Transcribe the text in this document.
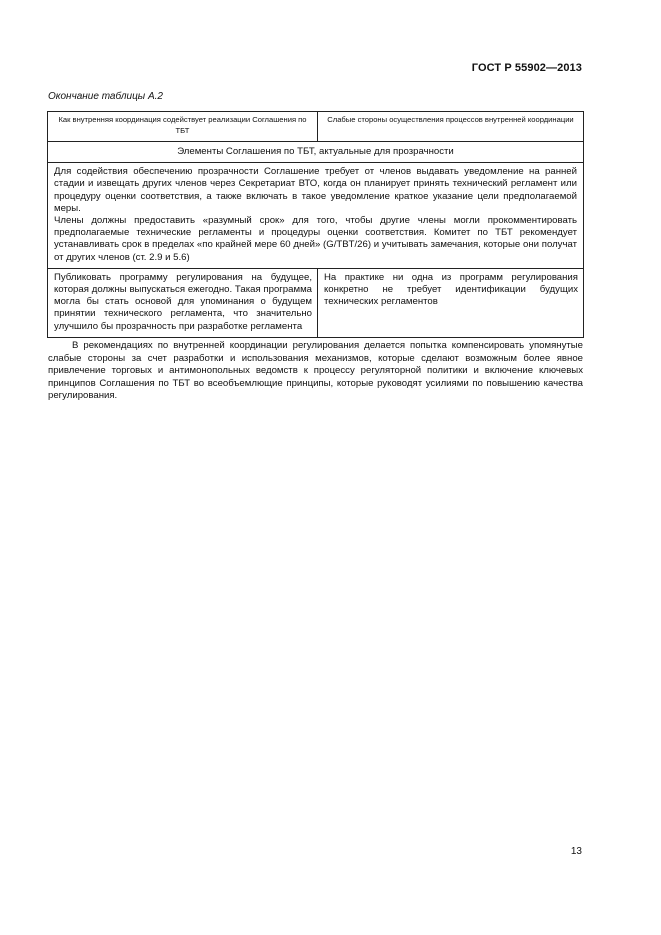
ГОСТ Р 55902—2013
Окончание таблицы А.2
Как внутренняя координация содействует реализации Соглашения по ТБТ	Слабые стороны осуществления процессов внутренней координации
Элементы Соглашения по ТБТ, актуальные для прозрачности	

Для содействия обеспечению прозрачности Соглашение требует от членов выдавать уведомление на ранней стадии и извещать других членов через Секретариат ВТО, когда он планирует принять технический регламент или процедуру оценки соответствия, а также включать в такое уведомление краткое указание цели предполагаемой меры.

Члены должны предоставить «разумный срок» для того, чтобы другие члены могли прокомментировать предполагаемые технические регламенты и процедуры оценки соответствия. Комитет по ТБТ рекомендует устанавливать срок в пределах «по крайней мере 60 дней» (G/TBT/26) и учитывать замечания, которые они получат от других членов (ст. 2.9 и 5.6)	

Публиковать программу регулирования на будущее, которая должны выпускаться ежегодно. Такая программа могла бы стать основой для упоминания о будущем принятии технического регламента, что значительно улучшило бы прозрачность при разработке регламента	На практике ни одна из программ регулирования конкретно не требует идентификации будущих технических регламентов

В рекомендациях по внутренней координации регулирования делается попытка компенсировать упомянутые слабые стороны за счет разработки и использования механизмов, которые сделают возможным более явное привлечение торговых и антимонопольных ведомств к процессу регуляторной политики и включение ключевых принципов Соглашения по ТБТ во всеобъемлющие принципы, которые руководят усилиями по повышению качества регулирования.

13
